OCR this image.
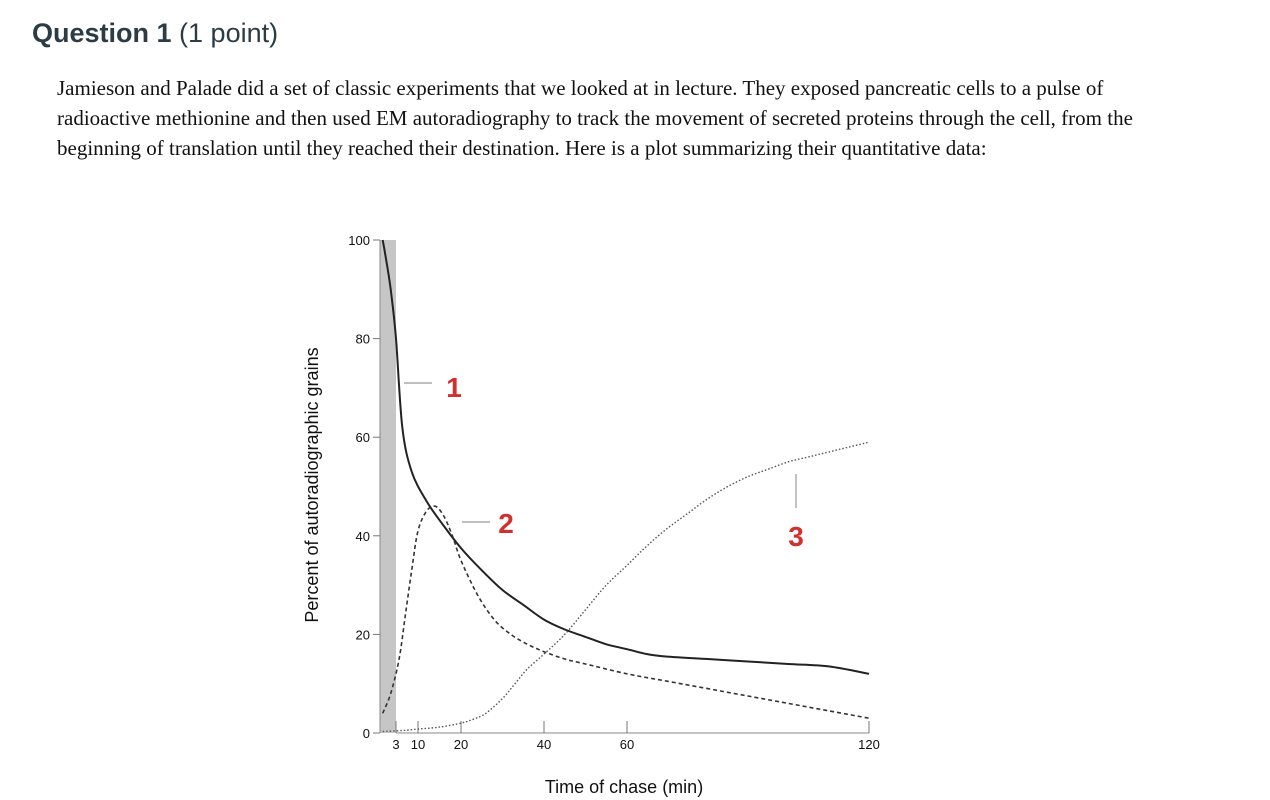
Question 1 (1 point)

Jamieson and Palade did a set of classic experiments that we looked at in lecture. They exposed pancreatic cells to a pulse of radioactive methionine and then used EM autoradiography to track the movement of secreted proteins through the cell, from the beginning of translation until they reached their destination. Here is a plot summarizing their quantitative data:

0
20
40
60
80
100
3 10 20	40	60	120
1
2	3
Time of chase (min)
Percent of autoradiographic grains
